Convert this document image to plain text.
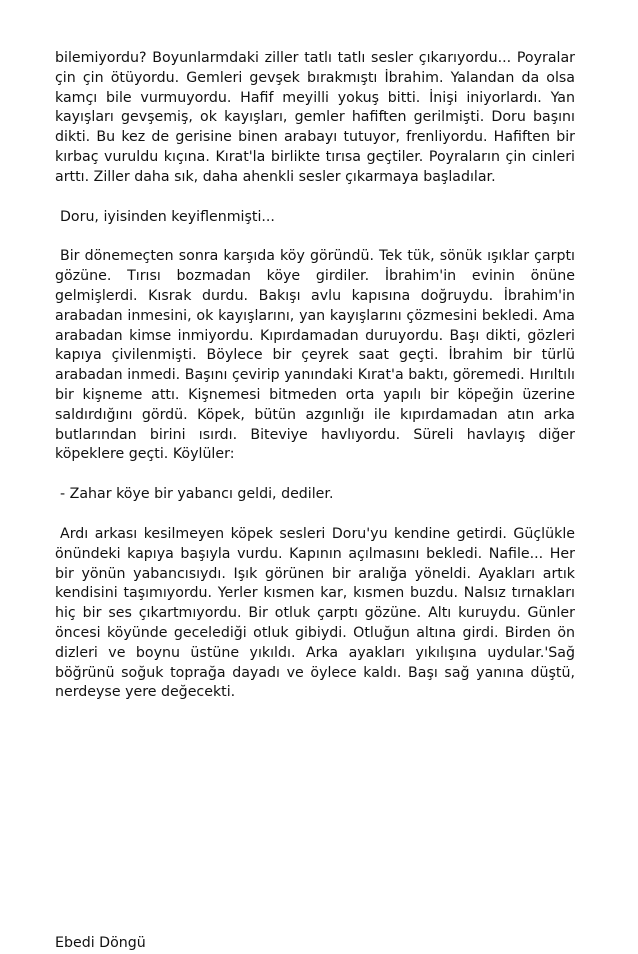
bilemiyordu? Boyunlarmdaki ziller tatlı tatlı sesler çıkarıyordu... Poyralar çin çin ötüyordu. Gemleri gevşek bırakmıştı İbrahim. Yalandan da olsa kamçı bile vurmuyordu. Hafif meyilli yokuş bitti. İnişi iniyorlardı. Yan kayışları gevşemiş, ok kayışları, gemler hafiften gerilmişti. Doru başını dikti. Bu kez de gerisine binen arabayı tutuyor, frenliyordu. Hafiften bir kırbaç vuruldu kıçına. Kırat'la birlikte tırısa geçtiler. Poyraların çin cinleri arttı. Ziller daha sık, daha ahenkli sesler çıkarmaya başladılar.

Doru, iyisinden keyiflenmişti...

Bir dönemeçten sonra karşıda köy göründü. Tek tük, sönük ışıklar çarptı gözüne. Tırısı bozmadan köye girdiler. İbrahim'in evinin önüne gelmişlerdi. Kısrak durdu. Bakışı avlu kapısına doğruydu. İbrahim'in arabadan inmesini, ok kayışlarını, yan kayışlarını çözmesini bekledi. Ama arabadan kimse inmiyordu. Kıpırdamadan duruyordu. Başı dikti, gözleri kapıya çivilenmişti. Böylece bir çeyrek saat geçti. İbrahim bir türlü arabadan inmedi. Başını çevirip yanındaki Kırat'a baktı, göremedi. Hırıltılı bir kişneme attı. Kişnemesi bitmeden orta yapılı bir köpeğin üzerine saldırdığını gördü. Köpek, bütün azgınlığı ile kıpırdamadan atın arka butlarından birini ısırdı. Biteviye havlıyordu. Süreli havlayış diğer köpeklere geçti. Köylüler:

- Zahar köye bir yabancı geldi, dediler.

Ardı arkası kesilmeyen köpek sesleri Doru'yu kendine getirdi. Güçlükle önündeki kapıya başıyla vurdu. Kapının açılmasını bekledi. Nafile... Her bir yönün yabancısıydı. Işık görünen bir aralığa yöneldi. Ayakları artık kendisini taşımıyordu. Yerler kısmen kar, kısmen buzdu. Nalsız tırnakları hiç bir ses çıkartmıyordu. Bir otluk çarptı gözüne. Altı kuruydu. Günler öncesi köyünde gecelediği otluk gibiydi. Otluğun altına girdi. Birden ön dizleri ve boynu üstüne yıkıldı. Arka ayakları yıkılışına uydular.'Sağ böğrünü soğuk toprağa dayadı ve öylece kaldı. Başı sağ yanına düştü, nerdeyse yere değecekti.

Ebedi Döngü
